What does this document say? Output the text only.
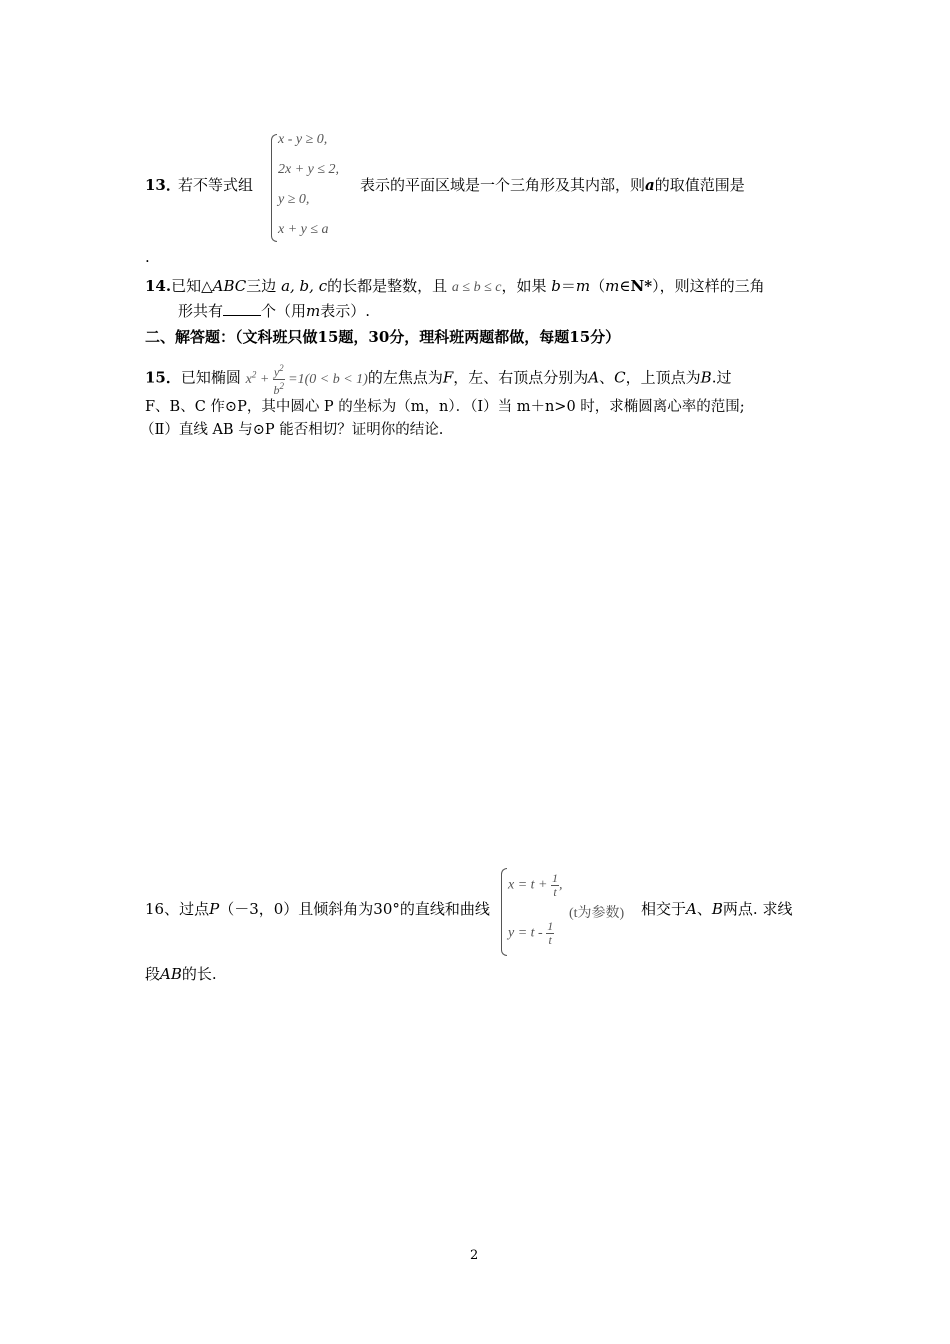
13．
若不等式组
x - y ≥ 0,
2x + y ≤ 2,
y ≥ 0,
x + y ≤ a
表示的平面区域是一个三角形及其内部，则a的取值范围是
.
14.已知△ABC三边 a, b, c的长都是整数，且 a ≤ b ≤ c，如果 b＝m（m∈N*），则这样的三角
形共有	个（用m表示）.
二、解答题：（文科班只做15题，30分，理科班两题都做，每题15分）
15．已知椭圆 $x^2 + \frac{y^2}{b^2} =1(0 < b < 1)$的左焦点为F，左、右顶点分别为A、C，上顶点为B.过
F、B、C 作⊙P，其中圆心 P 的坐标为（m，n）．（Ⅰ）当 m＋n>0 时，求椭圆离心率的范围;
（Ⅱ）直线 AB 与⊙P 能否相切？证明你的结论.
16、过点P（－3，0）且倾斜角为30°的直线和曲线
$x = t + \frac{1}{t}$ ,
$y = t - \frac{1}{t}$
(t为参数) 相交于A、B两点. 求线
段AB的长.
2
